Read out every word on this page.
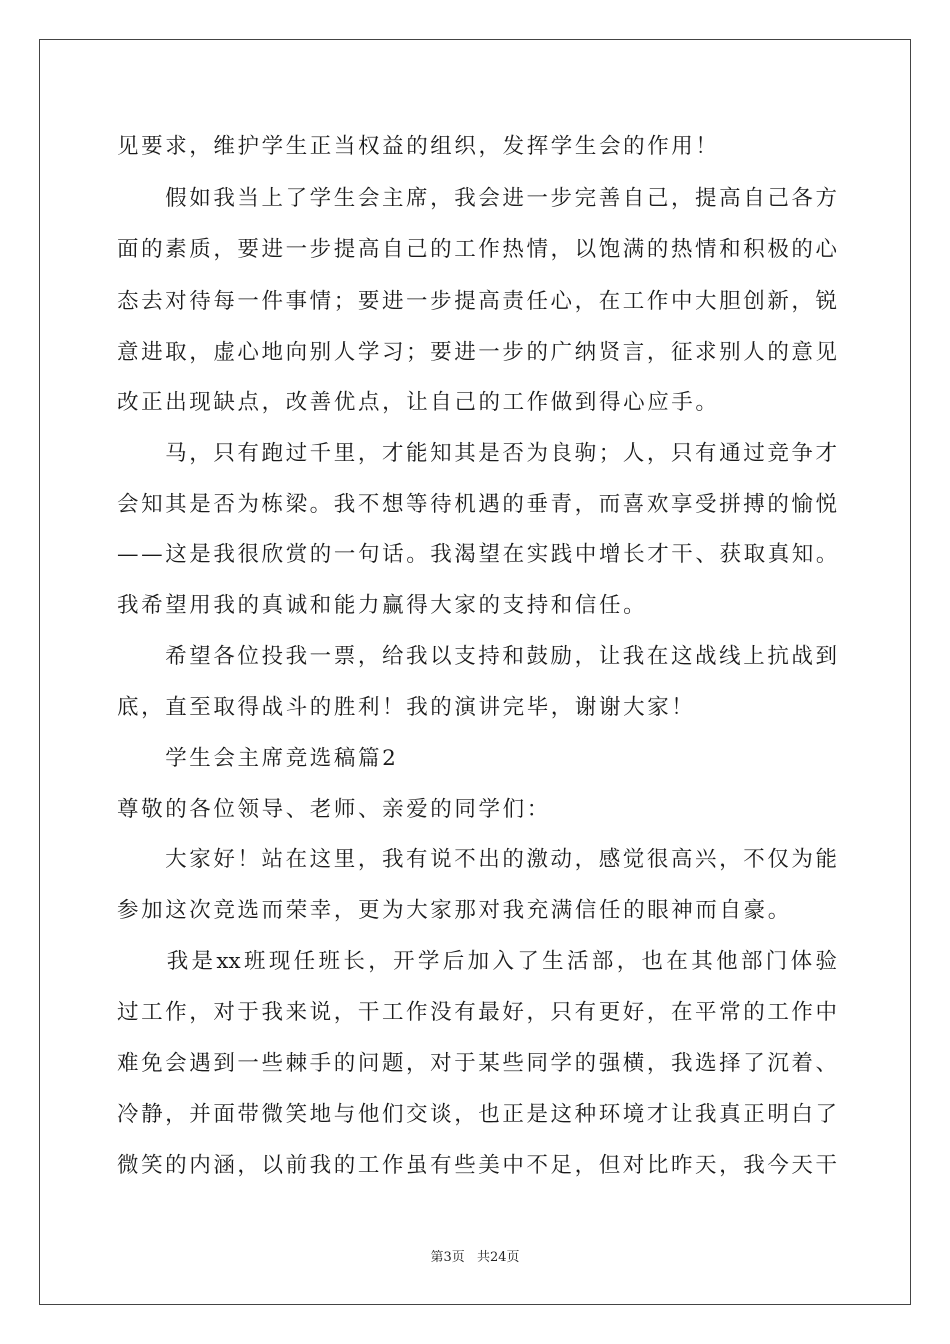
见要求，维护学生正当权益的组织，发挥学生会的作用！
　　假如我当上了学生会主席，我会进一步完善自己，提高自己各方
面的素质，要进一步提高自己的工作热情，以饱满的热情和积极的心
态去对待每一件事情；要进一步提高责任心，在工作中大胆创新，锐
意进取，虚心地向别人学习；要进一步的广纳贤言，征求别人的意见
改正出现缺点，改善优点，让自己的工作做到得心应手。
　　马，只有跑过千里，才能知其是否为良驹；人，只有通过竞争才
会知其是否为栋梁。我不想等待机遇的垂青，而喜欢享受拼搏的愉悦
——这是我很欣赏的一句话。我渴望在实践中增长才干、获取真知。
我希望用我的真诚和能力赢得大家的支持和信任。
　　希望各位投我一票，给我以支持和鼓励，让我在这战线上抗战到
底，直至取得战斗的胜利！我的演讲完毕，谢谢大家！
　　学生会主席竞选稿篇2
尊敬的各位领导、老师、亲爱的同学们：
　　大家好！站在这里，我有说不出的激动，感觉很高兴，不仅为能
参加这次竞选而荣幸，更为大家那对我充满信任的眼神而自豪。
　　我是xx班现任班长，开学后加入了生活部，也在其他部门体验
过工作，对于我来说，干工作没有最好，只有更好，在平常的工作中
难免会遇到一些棘手的问题，对于某些同学的强横，我选择了沉着、
冷静，并面带微笑地与他们交谈，也正是这种环境才让我真正明白了
微笑的内涵，以前我的工作虽有些美中不足，但对比昨天，我今天干
第3页 共24页
